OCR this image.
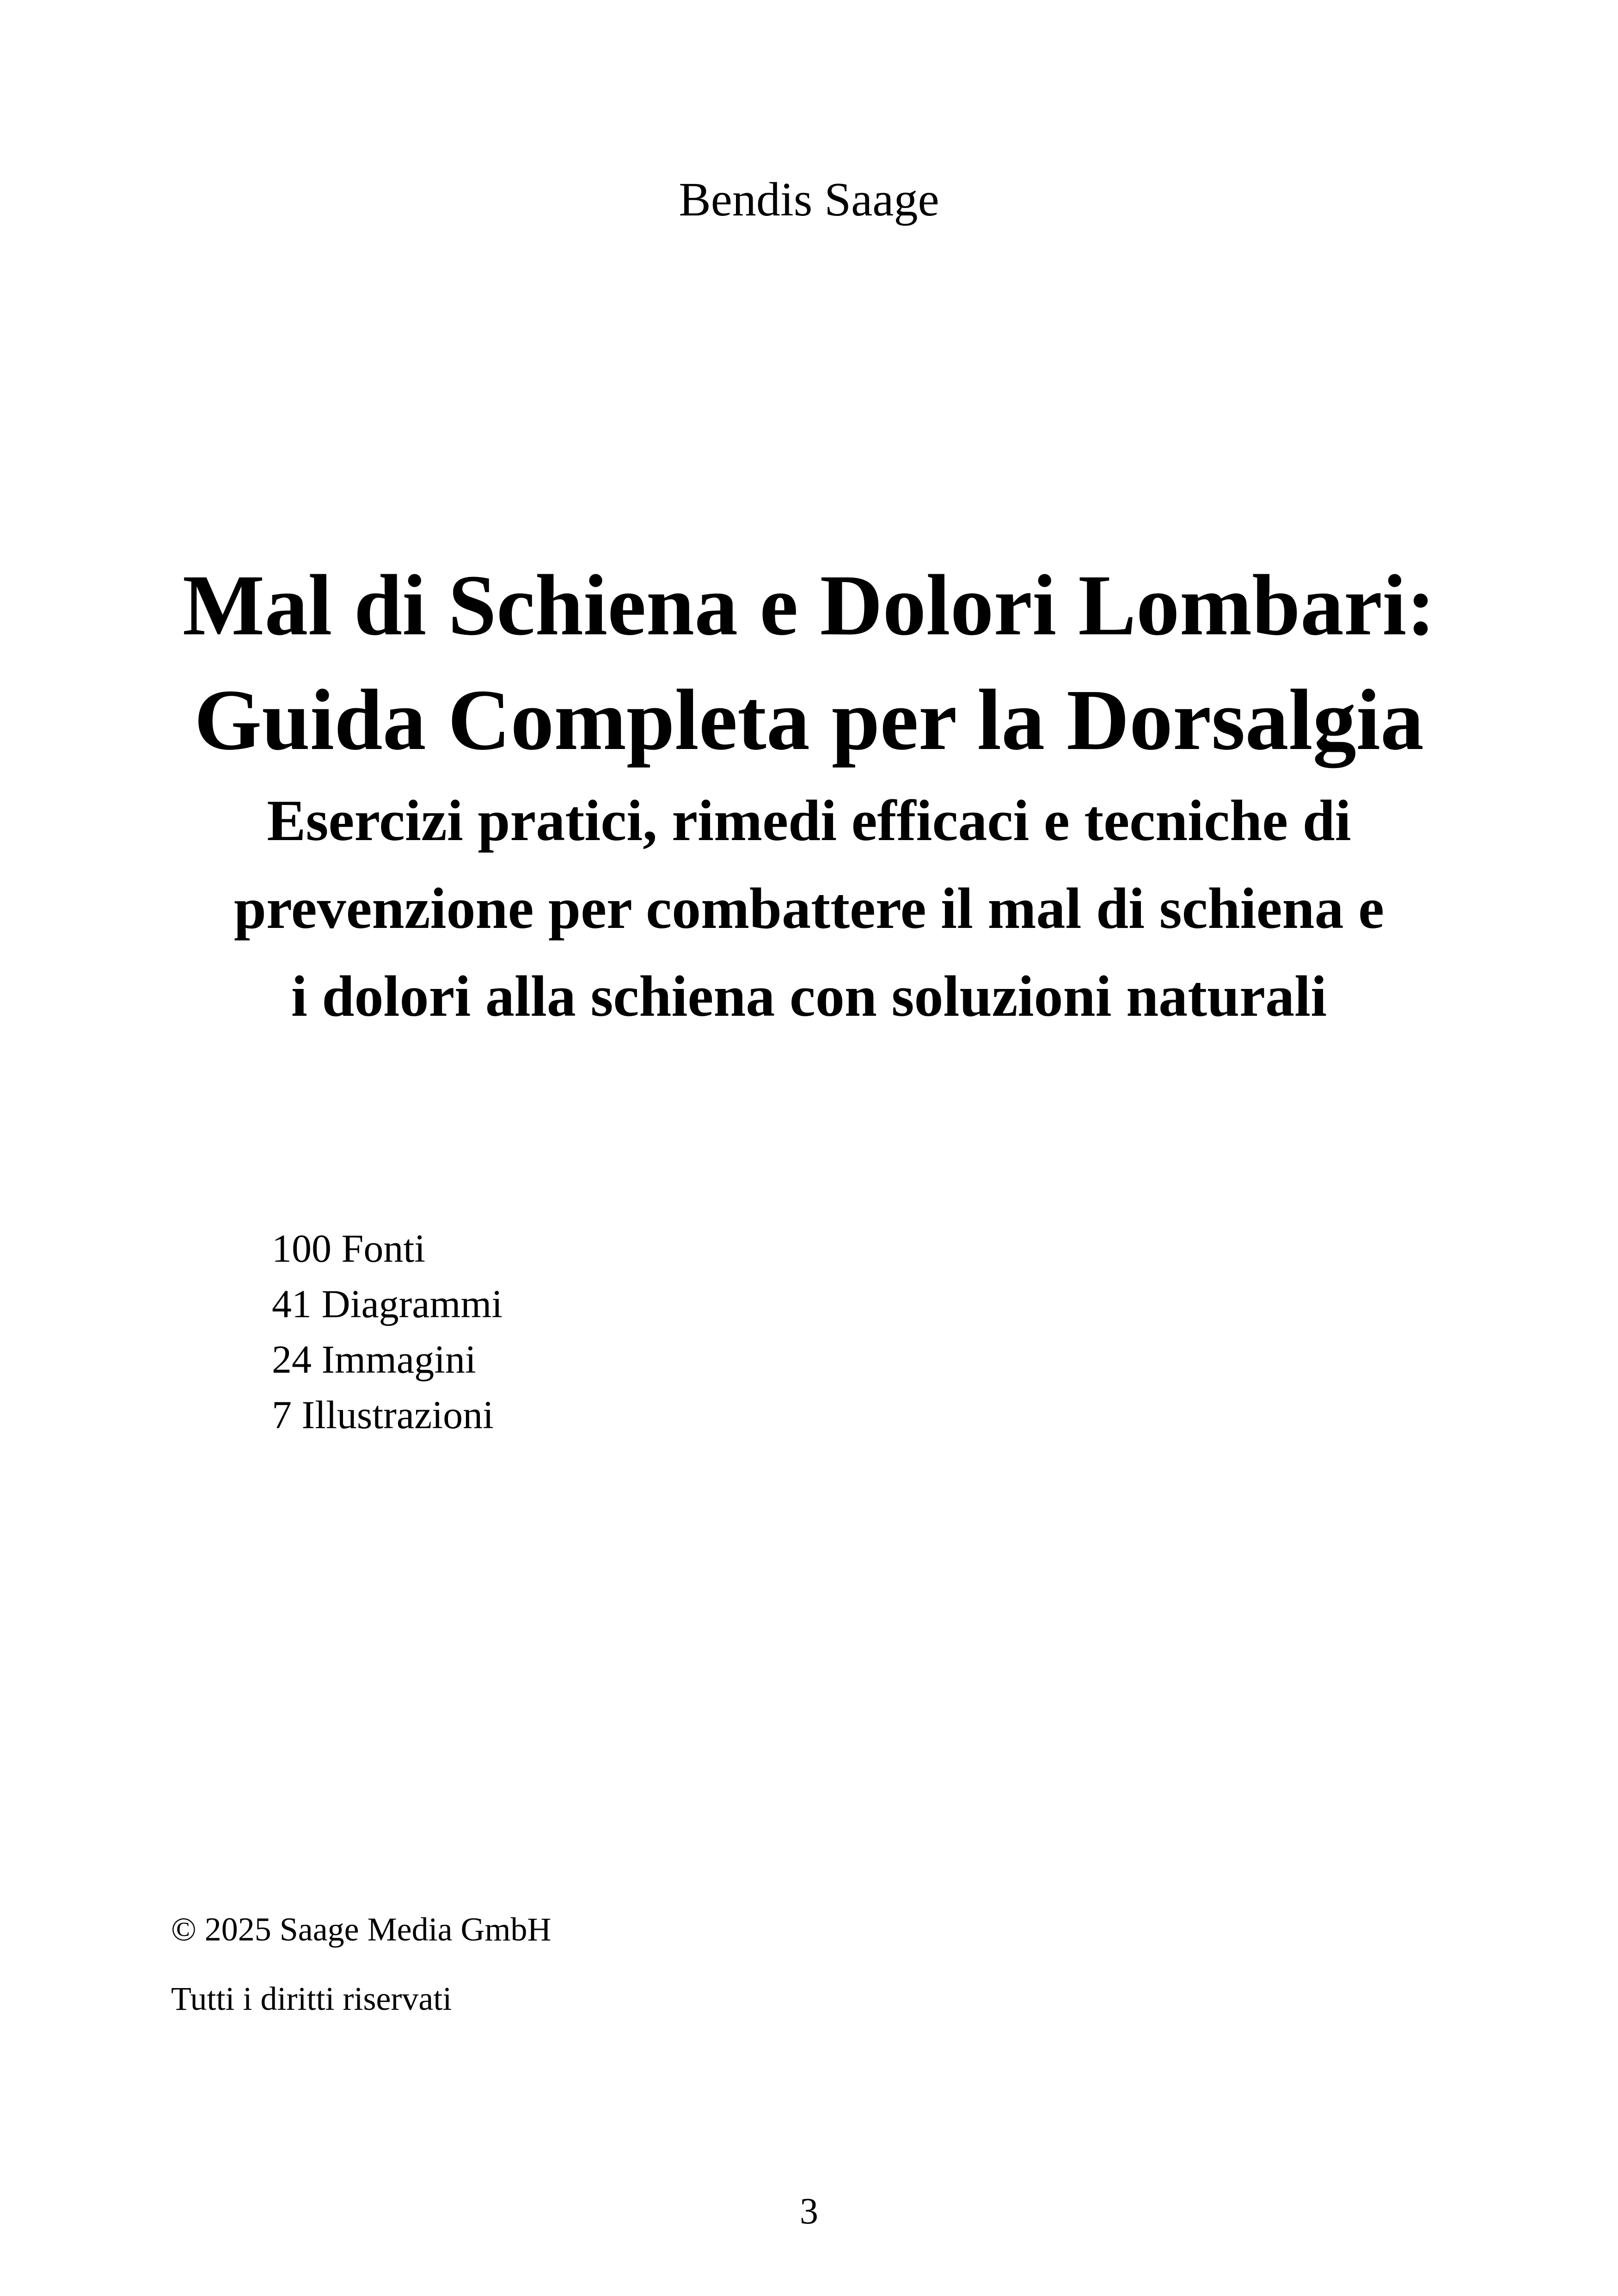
Bendis Saage
Mal di Schiena e Dolori Lombari:
Guida Completa per la Dorsalgia
Esercizi pratici, rimedi efficaci e tecniche di
prevenzione per combattere il mal di schiena e
i dolori alla schiena con soluzioni naturali
100 Fonti
41 Diagrammi
24 Immagini
7 Illustrazioni
© 2025 Saage Media GmbH
Tutti i diritti riservati
3
